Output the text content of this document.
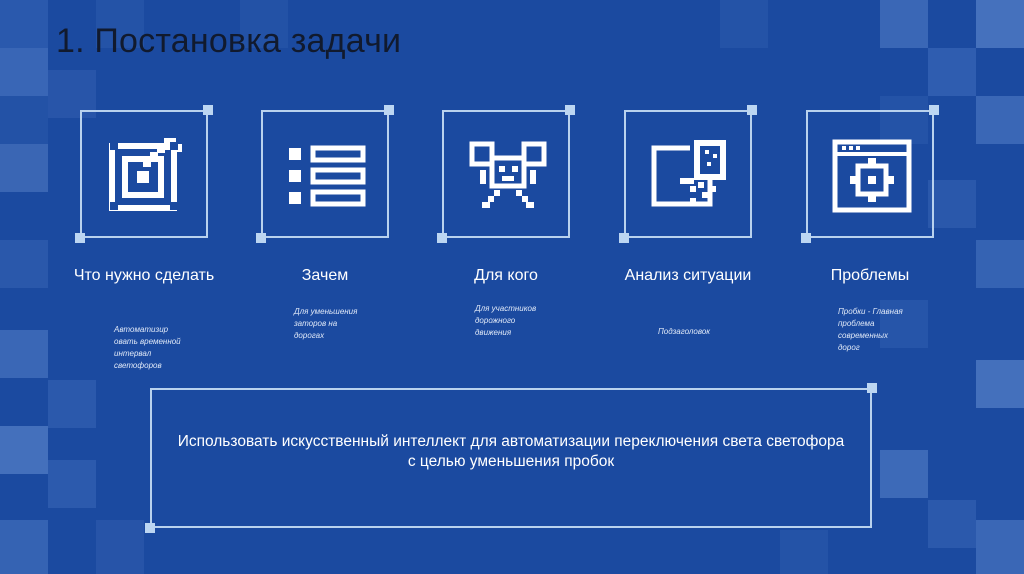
1. Постановка задачи
Что нужно сделать
Автоматизир овать временной интервал светофоров
Зачем
Для уменьшения заторов на дорогах
Для кого
Для участников дорожного движения
Анализ ситуации
Подзаголовок
Проблемы
Пробки - Главная проблема современных дорог
Использовать искусственный интеллект для автоматизации переключения света светофора с целью уменьшения пробок
